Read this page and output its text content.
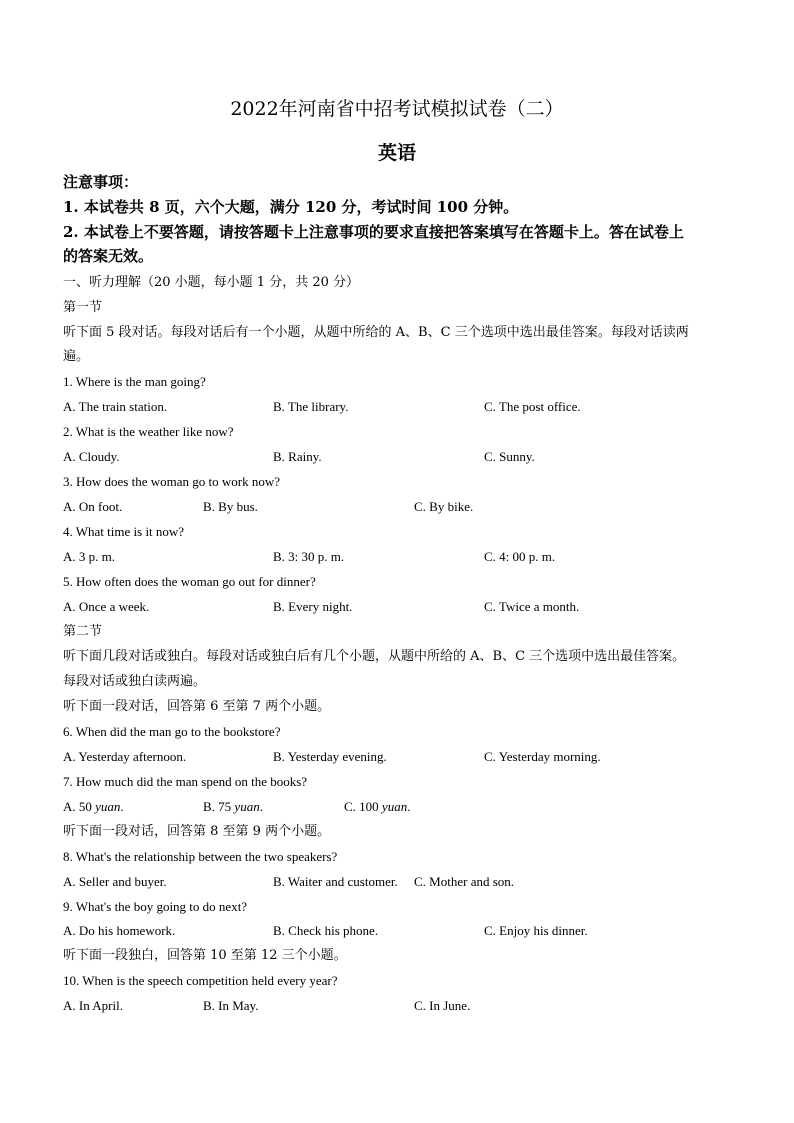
2022年河南省中招考试模拟试卷（二）
英语
注意事项：
1. 本试卷共 8 页，六个大题，满分 120 分，考试时间 100 分钟。
2. 本试卷上不要答题，请按答题卡上注意事项的要求直接把答案填写在答题卡上。答在试卷上
的答案无效。
一、听力理解（20 小题，每小题 1 分，共 20 分）
第一节
听下面 5 段对话。每段对话后有一个小题，从题中所给的 A、B、C 三个选项中选出最佳答案。每段对话读两
遍。
1. Where is the man going?
A. The train station.	B. The library.	C. The post office.
2. What is the weather like now?
A. Cloudy.	B. Rainy.	C. Sunny.
3. How does the woman go to work now?
A. On foot.	B. By bus.	C. By bike.
4. What time is it now?
A. 3 p. m.	B. 3: 30 p. m.	C. 4: 00 p. m.
5. How often does the woman go out for dinner?
A. Once a week.	B. Every night.	C. Twice a month.
第二节
听下面几段对话或独白。每段对话或独白后有几个小题，从题中所给的 A、B、C 三个选项中选出最佳答案。
每段对话或独白读两遍。
听下面一段对话，回答第 6 至第 7 两个小题。
6. When did the man go to the bookstore?
A. Yesterday afternoon.	B. Yesterday evening.	C. Yesterday morning.
7. How much did the man spend on the books?
A. 50 yuan.	B. 75 yuan.	C. 100 yuan.
听下面一段对话，回答第 8 至第 9 两个小题。
8. What's the relationship between the two speakers?
A. Seller and buyer.	B. Waiter and customer. C. Mother and son.
9. What's the boy going to do next?
A. Do his homework.	B. Check his phone.	C. Enjoy his dinner.
听下面一段独白，回答第 10 至第 12 三个小题。
10. When is the speech competition held every year?
A. In April.	B. In May.	C. In June.
